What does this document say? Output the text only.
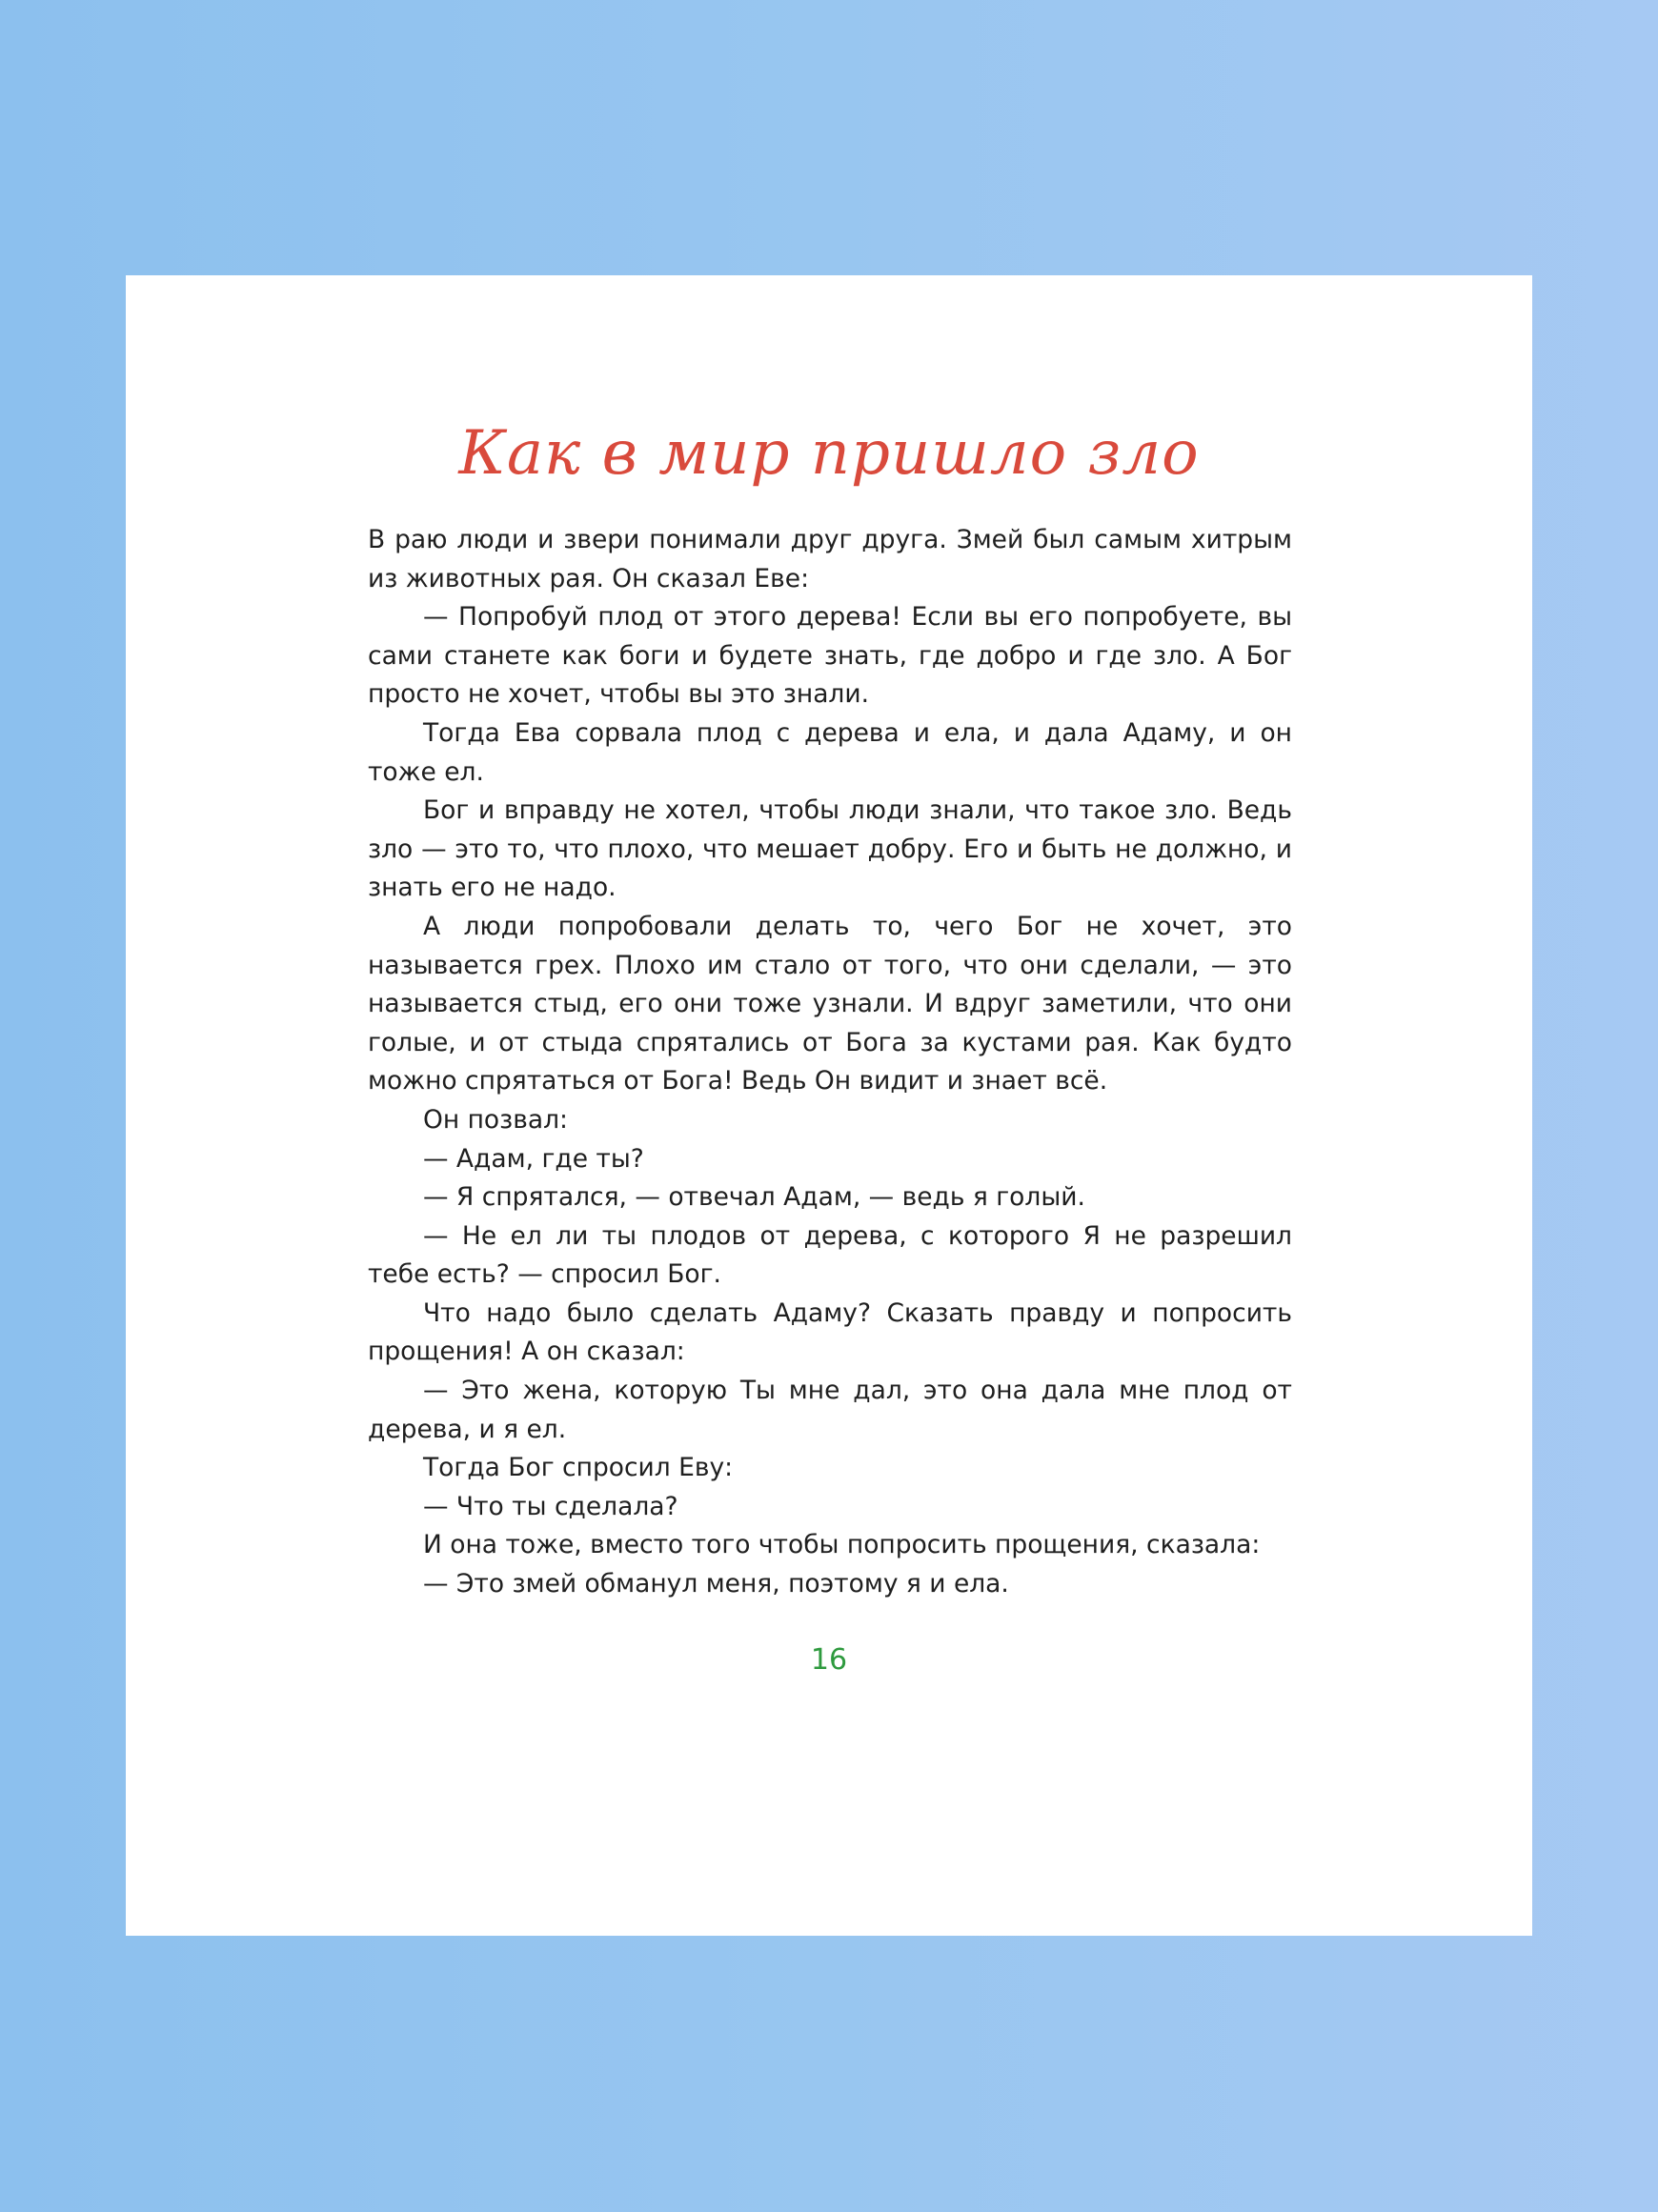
Как в мир пришло зло

В раю люди и звери понимали друг друга. Змей был самым хитрым из животных рая. Он сказал Еве:

— Попробуй плод от этого дерева! Если вы его попробуете, вы сами станете как боги и будете знать, где добро и где зло. А Бог просто не хочет, чтобы вы это знали.

Тогда Ева сорвала плод с дерева и ела, и дала Адаму, и он тоже ел.

Бог и вправду не хотел, чтобы люди знали, что такое зло. Ведь зло — это то, что плохо, что мешает добру. Его и быть не должно, и знать его не надо.

А люди попробовали делать то, чего Бог не хочет, это называется грех. Плохо им стало от того, что они сделали, — это называется стыд, его они тоже узнали. И вдруг заметили, что они голые, и от стыда спрятались от Бога за кустами рая. Как будто можно спрятаться от Бога! Ведь Он видит и знает всё.

Он позвал:

— Адам, где ты?

— Я спрятался, — отвечал Адам, — ведь я голый.

— Не ел ли ты плодов от дерева, с которого Я не разрешил тебе есть? — спросил Бог.

Что надо было сделать Адаму? Сказать правду и попросить прощения! А он сказал:

— Это жена, которую Ты мне дал, это она дала мне плод от дерева, и я ел.

Тогда Бог спросил Еву:

— Что ты сделала?

И она тоже, вместо того чтобы попросить прощения, сказала:

— Это змей обманул меня, поэтому я и ела.

16
